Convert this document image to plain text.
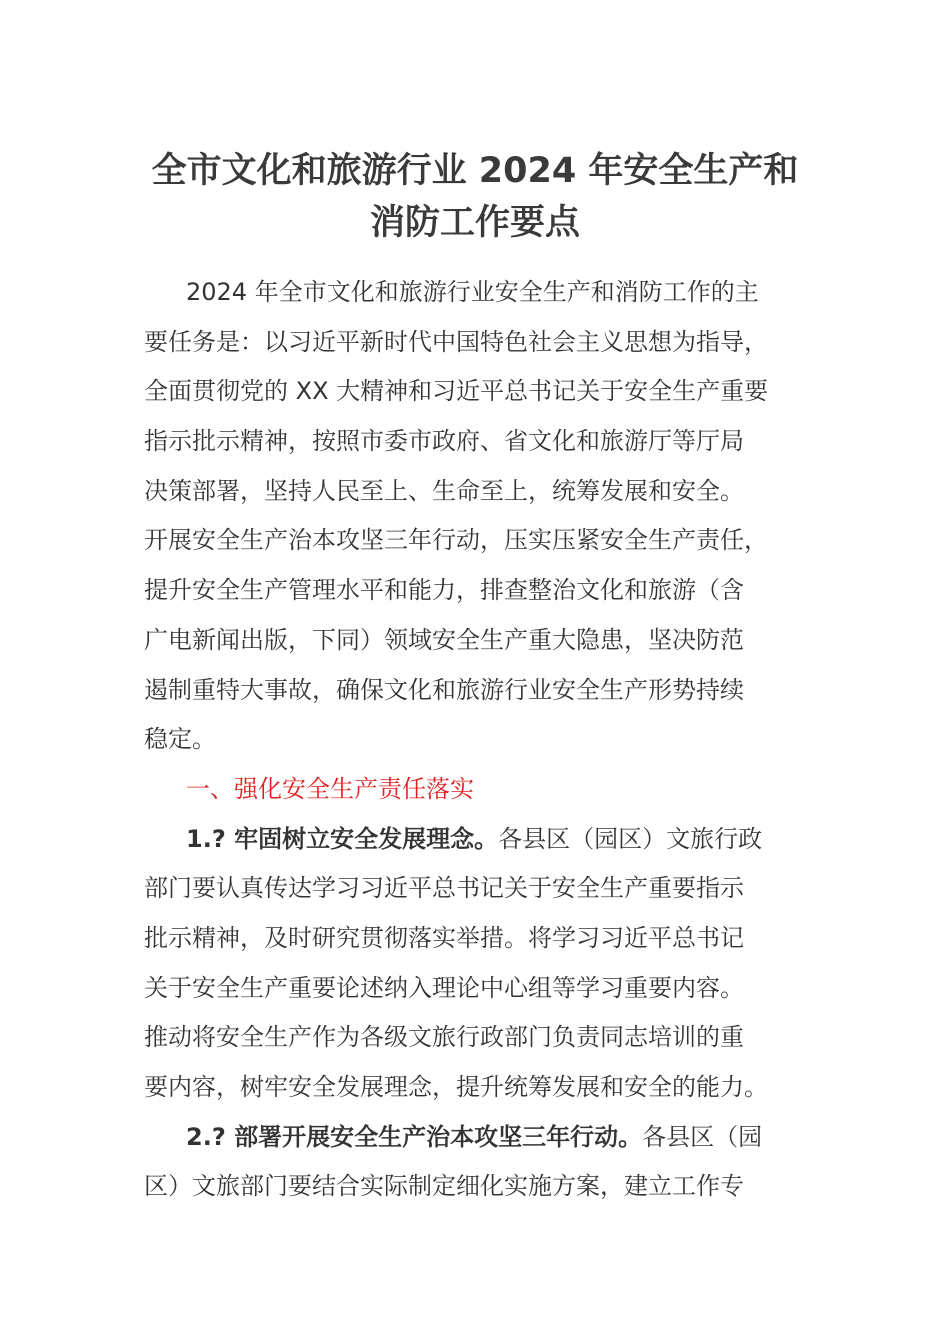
全市文化和旅游行业 2024 年安全生产和
消防工作要点
2024 年全市文化和旅游行业安全生产和消防工作的主
要任务是：以习近平新时代中国特色社会主义思想为指导，
全面贯彻党的 XX 大精神和习近平总书记关于安全生产重要
指示批示精神，按照市委市政府、省文化和旅游厅等厅局
决策部署，坚持人民至上、生命至上，统筹发展和安全。
开展安全生产治本攻坚三年行动，压实压紧安全生产责任，
提升安全生产管理水平和能力，排查整治文化和旅游（含
广电新闻出版，下同）领域安全生产重大隐患，坚决防范
遏制重特大事故，确保文化和旅游行业安全生产形势持续
稳定。
一、强化安全生产责任落实
1.? 牢固树立安全发展理念。各县区（园区）文旅行政
部门要认真传达学习习近平总书记关于安全生产重要指示
批示精神，及时研究贯彻落实举措。将学习习近平总书记
关于安全生产重要论述纳入理论中心组等学习重要内容。
推动将安全生产作为各级文旅行政部门负责同志培训的重
要内容，树牢安全发展理念，提升统筹发展和安全的能力。
2.? 部署开展安全生产治本攻坚三年行动。各县区（园
区）文旅部门要结合实际制定细化实施方案，建立工作专
